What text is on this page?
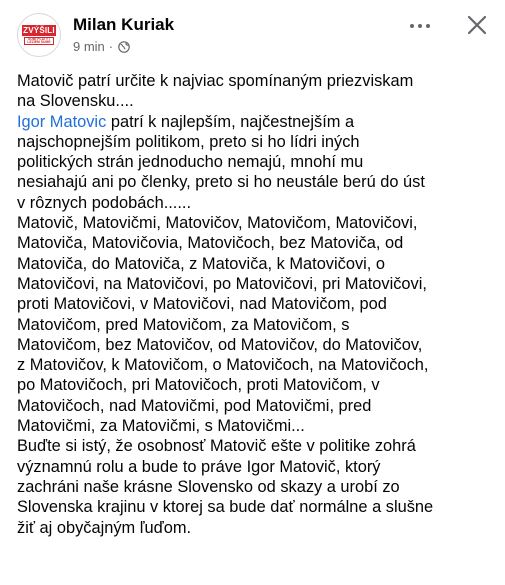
ZVÝŠILI
SOBÍ PLATY / LEZIEM SUME
Milan Kuriak
9 min ·
Matovič patrí určite k najviac spomínaným priezviskam
na Slovensku....
Igor Matovic patrí k najlepším, najčestnejším a
najschopnejším politikom, preto si ho lídri iných
politických strán jednoducho nemajú, mnohí mu
nesiahajú ani po členky, preto si ho neustále berú do úst
v rôznych podobách......
Matovič, Matovičmi, Matovičov, Matovičom, Matovičovi,
Matoviča, Matovičovia, Matovičoch, bez Matoviča, od
Matoviča, do Matoviča, z Matoviča, k Matovičovi, o
Matovičovi, na Matovičovi, po Matovičovi, pri Matovičovi,
proti Matovičovi, v Matovičovi, nad Matovičom, pod
Matovičom, pred Matovičom, za Matovičom, s
Matovičom, bez Matovičov, od Matovičov, do Matovičov,
z Matovičov, k Matovičom, o Matovičoch, na Matovičoch,
po Matovičoch, pri Matovičoch, proti Matovičom, v
Matovičoch, nad Matovičmi, pod Matovičmi, pred
Matovičmi, za Matovičmi, s Matovičmi...
Buďte si istý, že osobnosť Matovič ešte v politike zohrá
významnú rolu a bude to práve Igor Matovič, ktorý
zachráni naše krásne Slovensko od skazy a urobí zo
Slovenska krajinu v ktorej sa bude dať normálne a slušne
žiť aj obyčajným ľuďom.
